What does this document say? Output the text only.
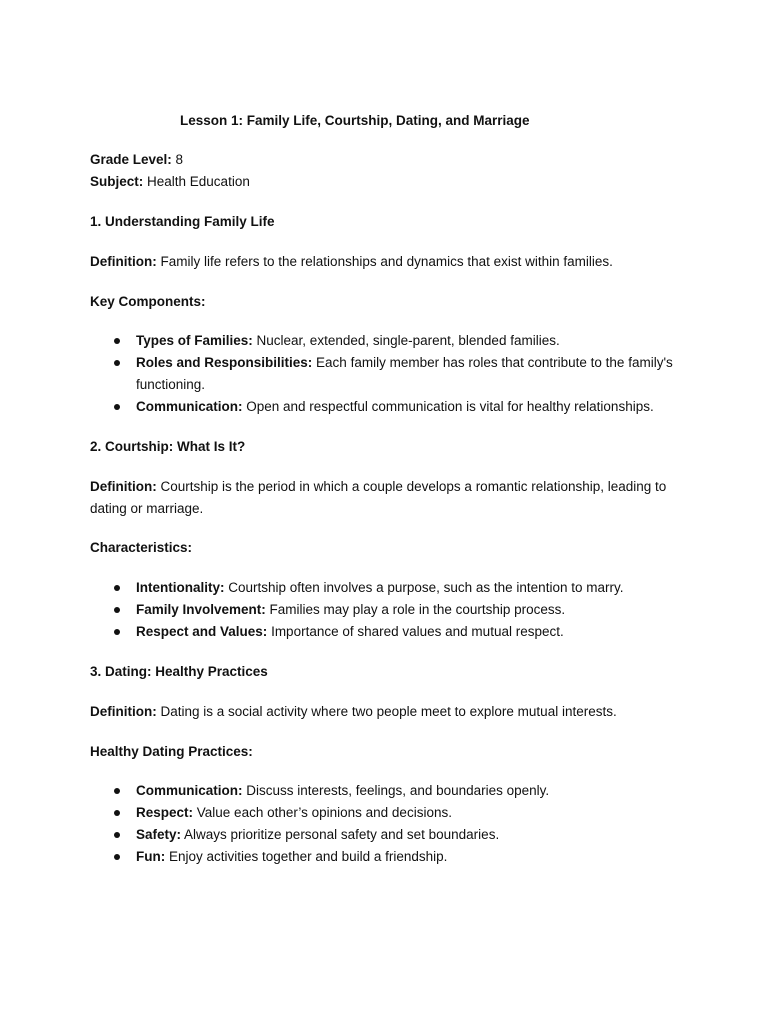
Lesson 1: Family Life, Courtship, Dating, and Marriage
Grade Level: 8
Subject: Health Education
1. Understanding Family Life
Definition: Family life refers to the relationships and dynamics that exist within families.
Key Components:
Types of Families: Nuclear, extended, single-parent, blended families.
Roles and Responsibilities: Each family member has roles that contribute to the family's functioning.
Communication: Open and respectful communication is vital for healthy relationships.
2. Courtship: What Is It?
Definition: Courtship is the period in which a couple develops a romantic relationship, leading to dating or marriage.
Characteristics:
Intentionality: Courtship often involves a purpose, such as the intention to marry.
Family Involvement: Families may play a role in the courtship process.
Respect and Values: Importance of shared values and mutual respect.
3. Dating: Healthy Practices
Definition: Dating is a social activity where two people meet to explore mutual interests.
Healthy Dating Practices:
Communication: Discuss interests, feelings, and boundaries openly.
Respect: Value each other’s opinions and decisions.
Safety: Always prioritize personal safety and set boundaries.
Fun: Enjoy activities together and build a friendship.
